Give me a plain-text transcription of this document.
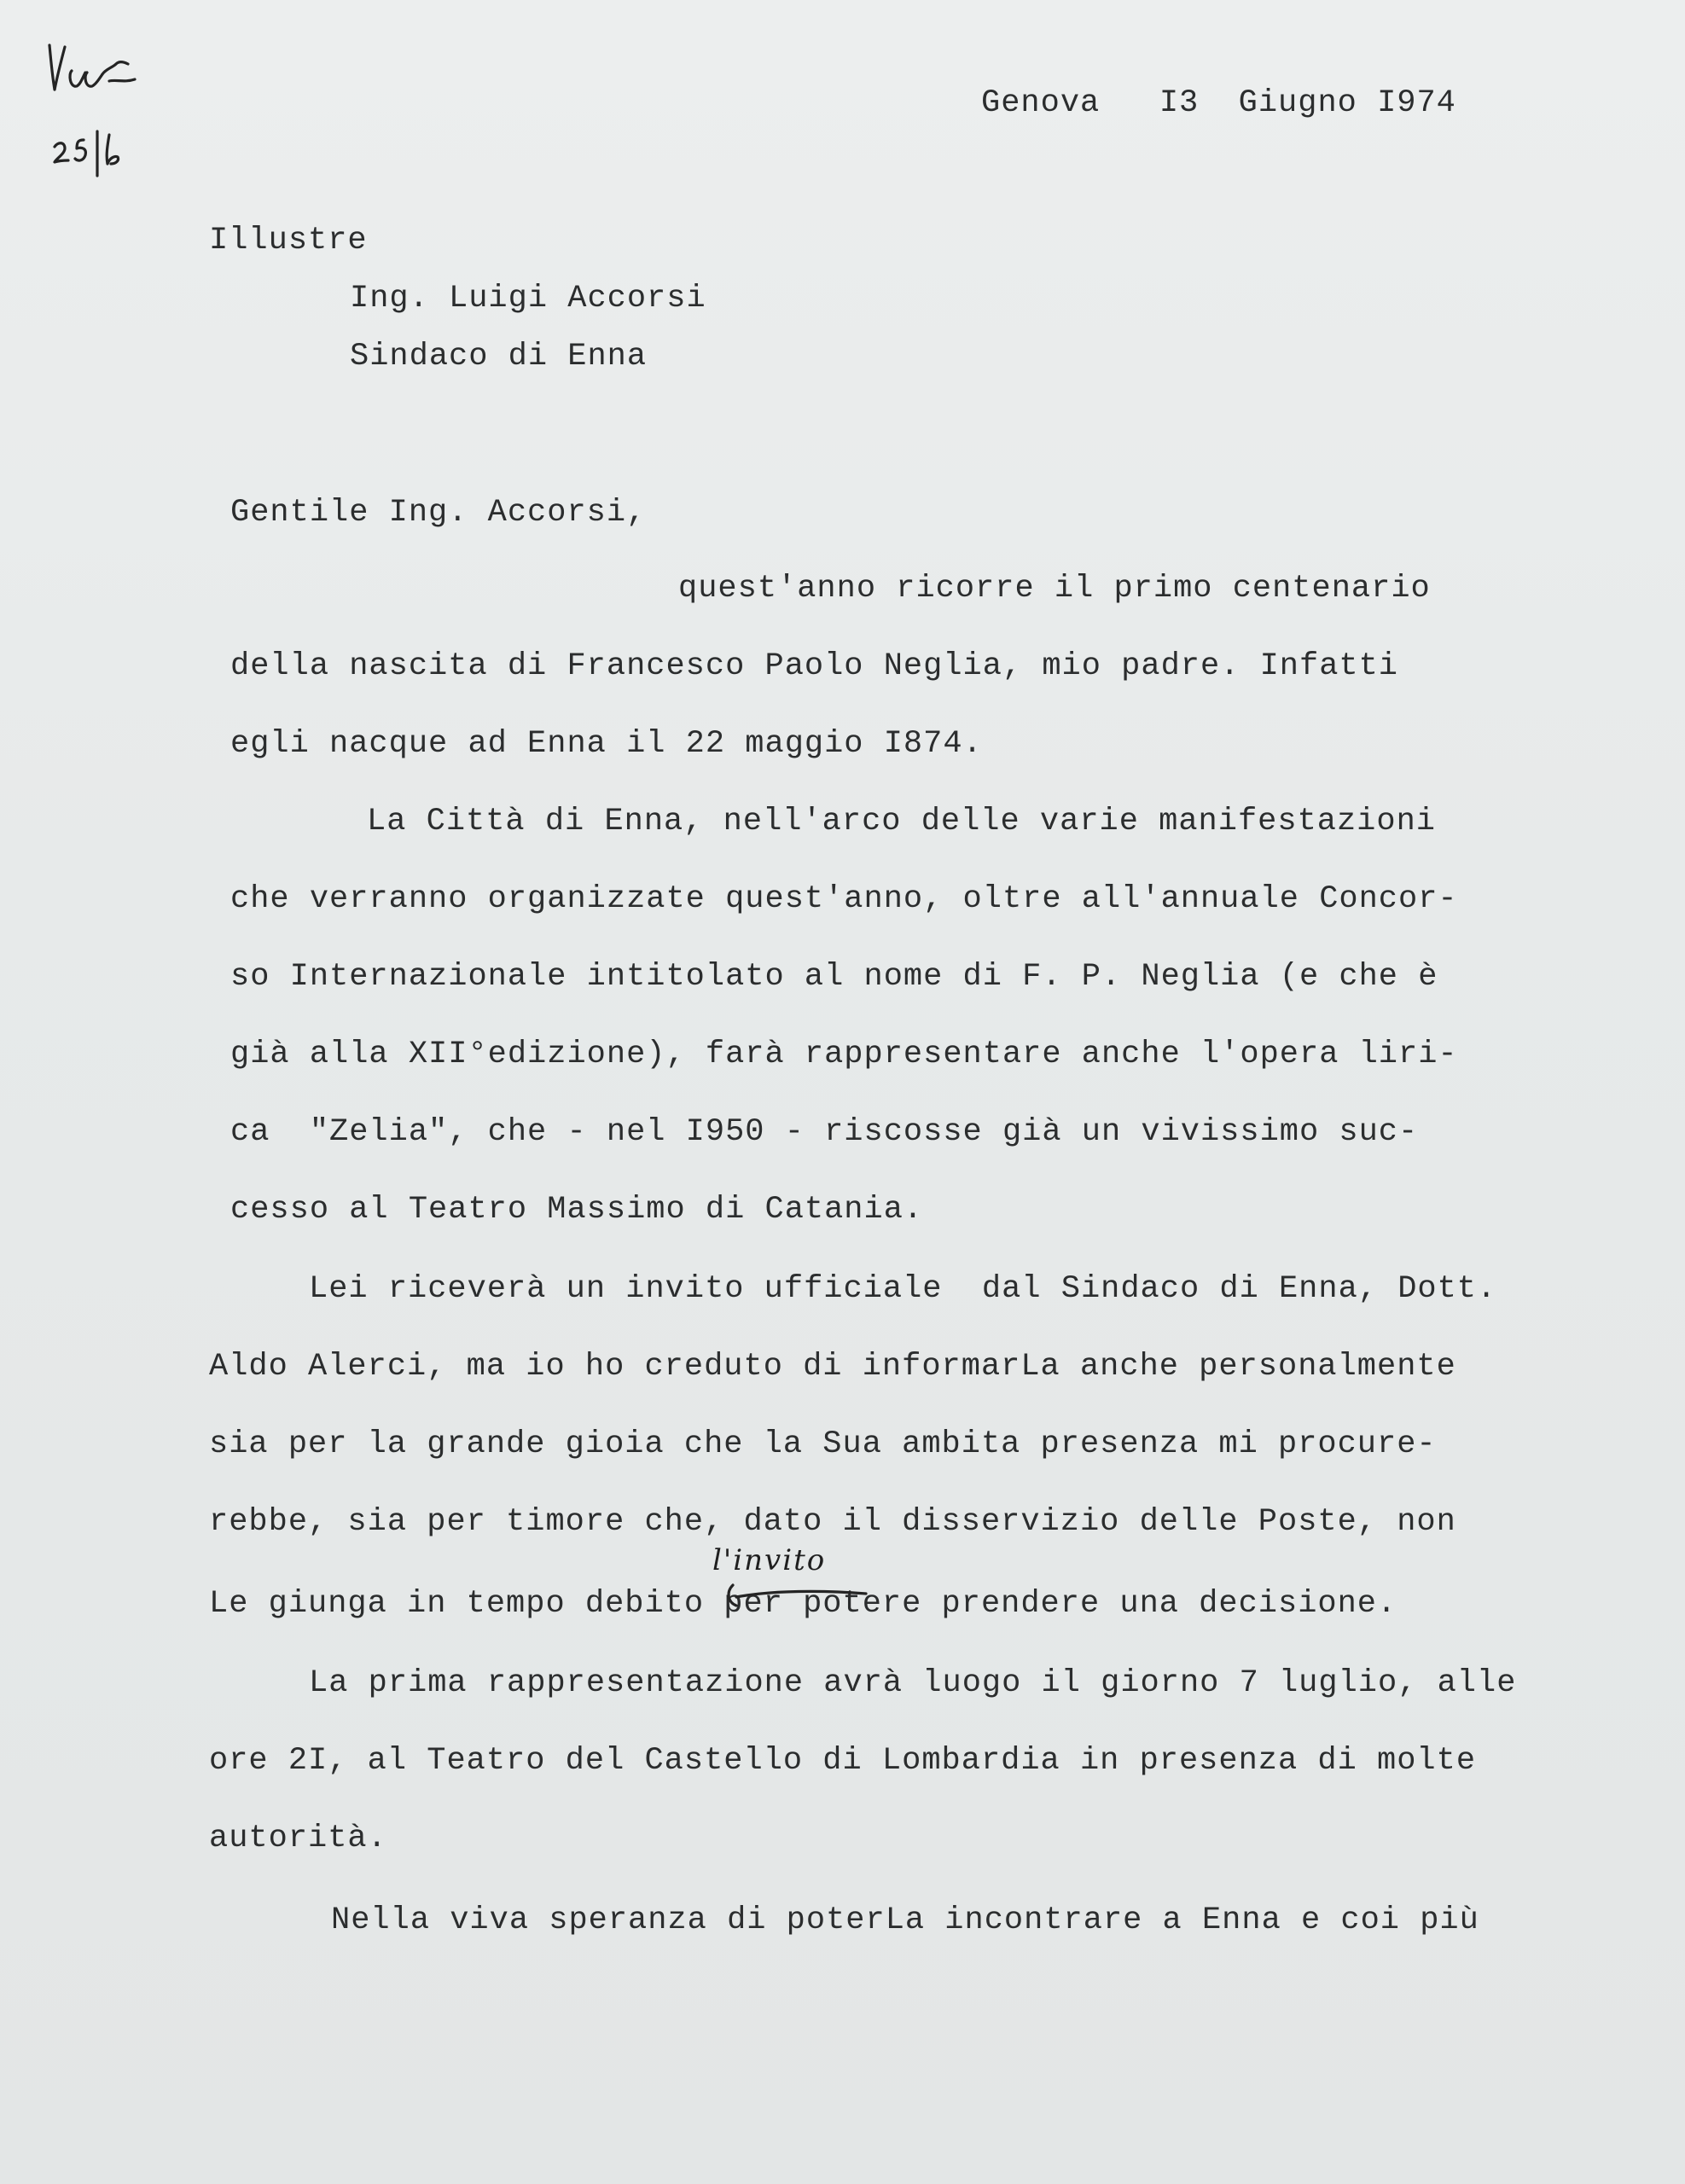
Genova   I3  Giugno I974
Illustre
Ing. Luigi Accorsi
Sindaco di Enna
Gentile Ing. Accorsi,
quest'anno ricorre il primo centenario
della nascita di Francesco Paolo Neglia, mio padre. Infatti
egli nacque ad Enna il 22 maggio I874.
La Città di Enna, nell'arco delle varie manifestazioni
che verranno organizzate quest'anno, oltre all'annuale Concor-
so Internazionale intitolato al nome di F. P. Neglia (e che è
già alla XII°edizione), farà rappresentare anche l'opera liri-
ca  "Zelia", che - nel I950 - riscosse già un vivissimo suc-
cesso al Teatro Massimo di Catania.
Lei riceverà un invito ufficiale  dal Sindaco di Enna, Dott.
Aldo Alerci, ma io ho creduto di informarLa anche personalmente
sia per la grande gioia che la Sua ambita presenza mi procure-
rebbe, sia per timore che, dato il disservizio delle Poste, non
Le giunga in tempo debito per potere prendere una decisione.
l'invito
La prima rappresentazione avrà luogo il giorno 7 luglio, alle
ore 2I, al Teatro del Castello di Lombardia in presenza di molte
autorità.
Nella viva speranza di poterLa incontrare a Enna e coi più
